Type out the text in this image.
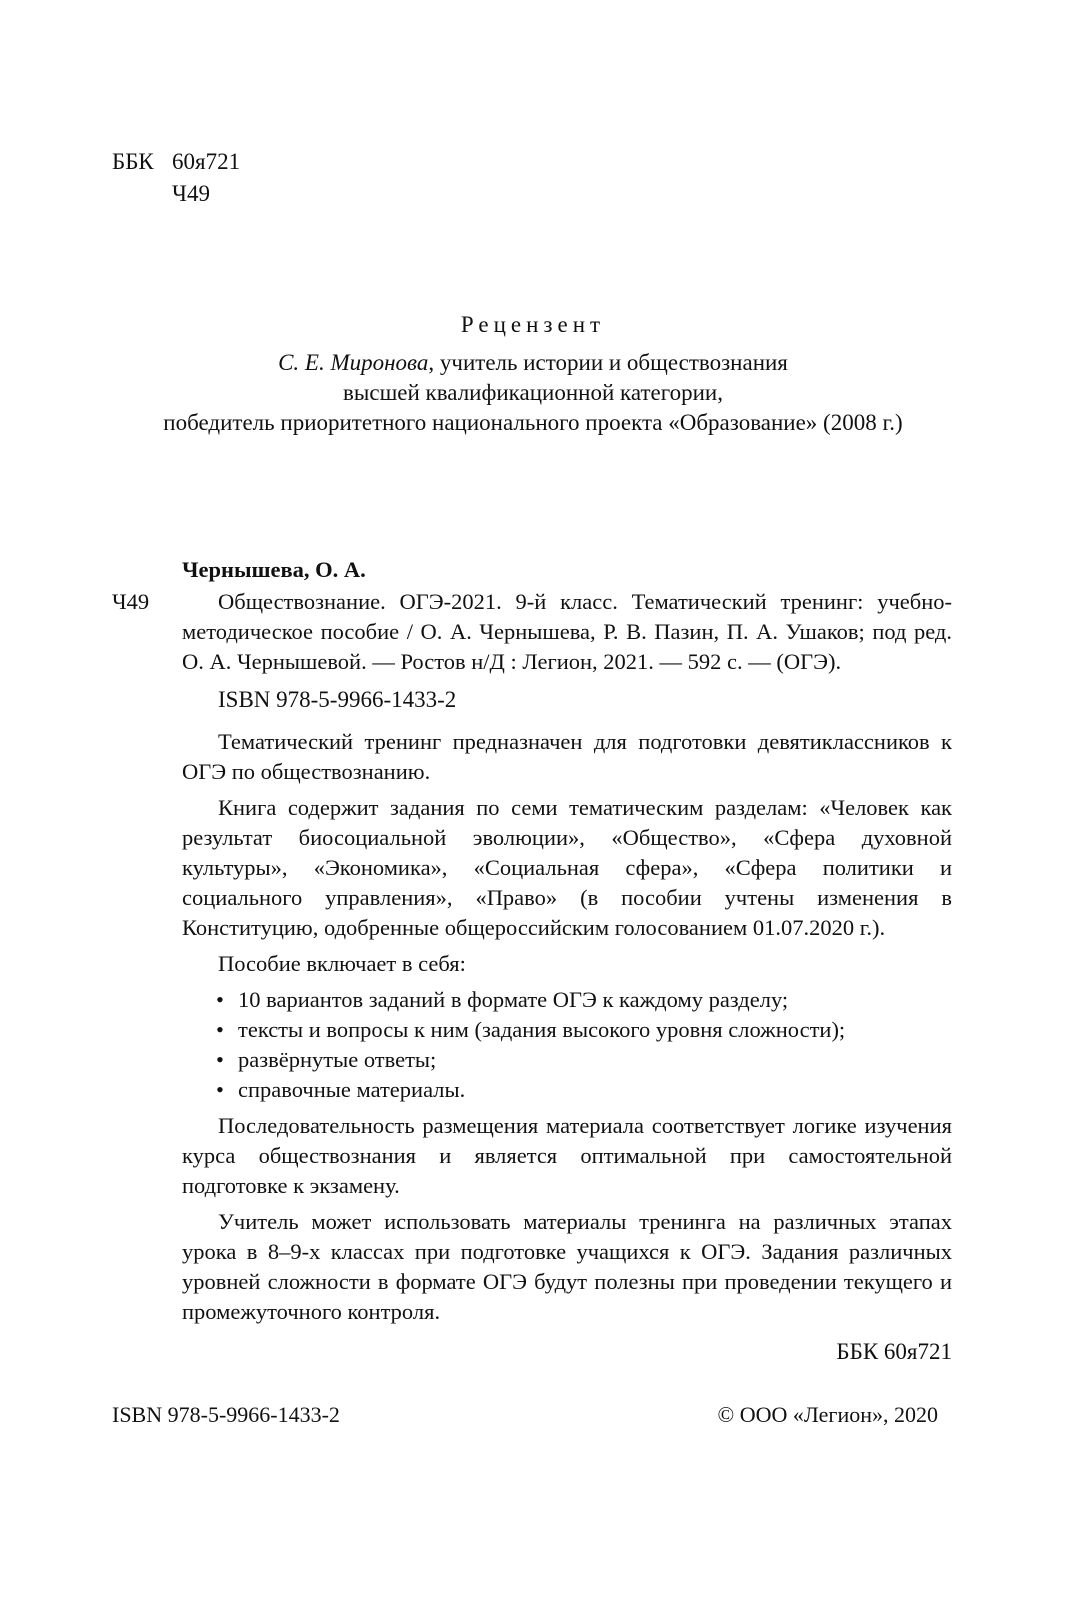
ББК 60я721
Ч49
Рецензент
С. Е. Миронова, учитель истории и обществознания
высшей квалификационной категории,
победитель приоритетного национального проекта «Образование» (2008 г.)
Чернышева, О. А.
Ч49	Обществознание. ОГЭ-2021. 9-й класс. Тематический тренинг: учебно-методическое пособие / О. А. Чернышева, Р. В. Пазин, П. А. Ушаков; под ред. О. А. Чернышевой. — Ростов н/Д : Легион, 2021. — 592 с. — (ОГЭ).
ISBN 978-5-9966-1433-2

Тематический тренинг предназначен для подготовки девятиклассников к ОГЭ по обществознанию.

Книга содержит задания по семи тематическим разделам: «Человек как результат биосоциальной эволюции», «Общество», «Сфера духовной культуры», «Экономика», «Социальная сфера», «Сфера политики и социального управления», «Право» (в пособии учтены изменения в Конституцию, одобренные общероссийским голосованием 01.07.2020 г.).

Пособие включает в себя:

• 10 вариантов заданий в формате ОГЭ к каждому разделу;
• тексты и вопросы к ним (задания высокого уровня сложности);
• развёрнутые ответы;
• справочные материалы.

Последовательность размещения материала соответствует логике изучения курса обществознания и является оптимальной при самостоятельной подготовке к экзамену.

Учитель может использовать материалы тренинга на различных этапах урока в 8–9-х классах при подготовке учащихся к ОГЭ. Задания различных уровней сложности в формате ОГЭ будут полезны при проведении текущего и промежуточного контроля.

ББК 60я721
ISBN 978-5-9966-1433-2	© ООО «Легион», 2020
